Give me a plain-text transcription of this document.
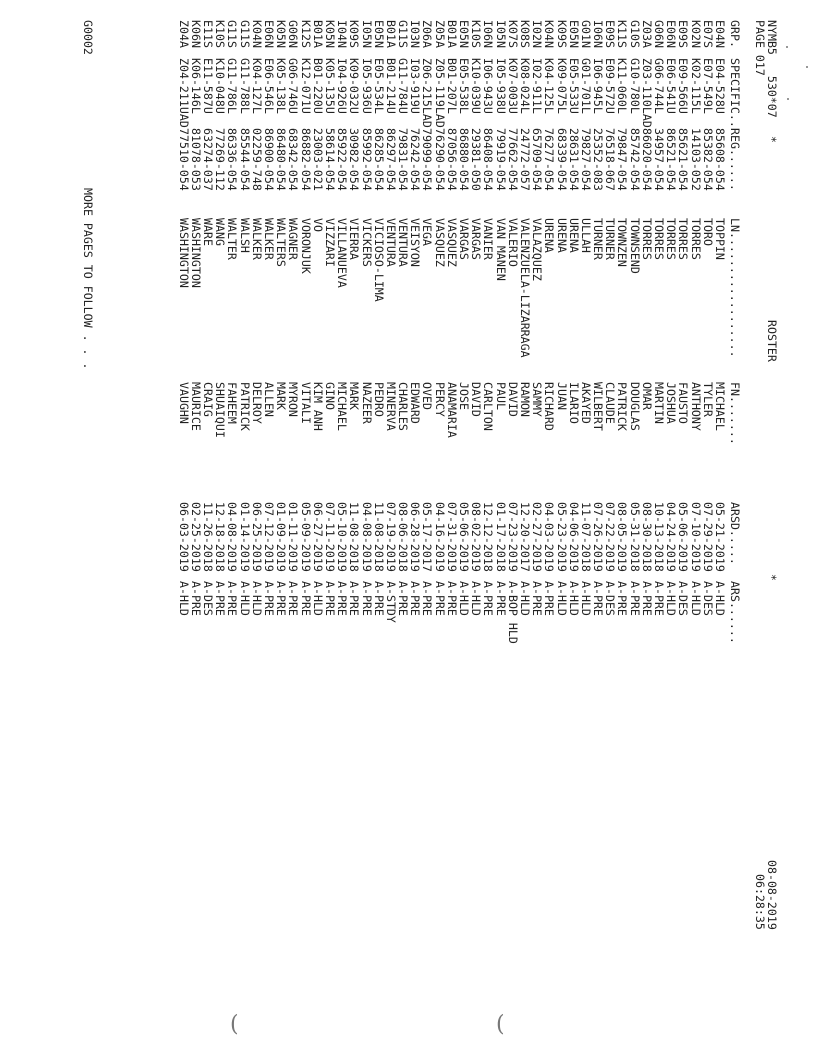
NYMB5   530*07
*
PAGE 017
ROSTER
*
08-08-2019
06:28:35
GRP.
SPECIFIC..
REG......
LN..................
FN.......
ARSD.....
ARS......
E04N
E04-528U
85608-054
TOPPIN
MICHAEL
05-21-2019
A-HLD
E07S
E07-549L
85382-054
TORO
TYLER
07-29-2019
A-DES
K02N
K02-115L
14103-052
TORRES
ANTHONY
07-10-2019
A-HLD
E09S
E09-566U
85621-054
TORRES
FAUSTO
05-06-2019
A-DES
E06N
E06-541U
86521-054
TORRES
JOSHUA
04-24-2019
A-HLD
G06N
G06-744L
34957-054
TORRES
MARTIN
10-13-2018
A-PRE
Z03A
Z03-110LAD
86020-054
TORRES
OMAR
08-30-2018
A-PRE
G10S
G10-780L
85742-054
TOWNSEND
DOUGLAS
05-31-2018
A-PRE
K11S
K11-060L
79847-054
TOWNZEN
PATRICK
08-05-2019
A-PRE
E09S
E09-572U
76518-067
TURNER
CLAUDE
07-22-2019
A-DES
I06N
I06-945L
25352-083
TURNER
WILBERT
07-26-2019
A-PRE
G01N
G01-701L
79827-054
ULLAH
AKAYED
11-07-2018
A-HLD
E05N
E05-533U
28631-054
URENA
ILARIO
04-06-2019
A-HLD
K09S
K09-075L
68339-054
URENA
JUAN
05-23-2019
A-HLD
K04N
K04-125L
76277-054
URENA
RICHARD
04-03-2019
A-PRE
I02N
I02-911L
65709-054
VALAZQUEZ
SAMMY
02-27-2019
A-PRE
K08S
K08-024L
24772-057
VALENZUELA-LIZARRAGA
RAMON
12-20-2017
A-HLD
K07S
K07-003U
77662-054
VALERIO
DAVID
07-23-2019
A-BOP HLD
I05N
I05-938U
79919-054
VAN MANEN
PAUL
01-17-2018
A-PRE
I06N
I06-943U
86408-054
VANIER
CARLTON
12-12-2018
A-PRE
K10S
K10-039U
29381-050
VARGAS
DAVID
08-02-2019
A-HLD
E05N
E05-538L
86880-054
VARGAS
JOSE
05-06-2019
A-HLD
B01A
B01-207L
87056-054
VASQUEZ
ANAMARIA
07-31-2019
A-PRE
Z05A
Z05-119LAD
76290-054
VASQUEZ
PERCY
04-16-2019
A-PRE
Z06A
Z06-215LAD
79099-054
VEGA
OVED
05-17-2017
A-PRE
I03N
I03-919U
76242-054
VEISYON
EDWARD
06-28-2019
A-PRE
G11S
G11-784U
79831-054
VENTURA
CHARLES
08-06-2018
A-PRE
B01A
B01-214U
86297-054
VENTURA
MINERVA
07-19-2019
A-STDY
E05N
E05-534L
86285-054
VICIOSO-LIMA
PEDRO
11-08-2018
A-PRE
I05N
I05-936U
85992-054
VICKERS
NAZEER
04-08-2019
A-PRE
K09S
K09-032U
30982-054
VIERRA
MARK
11-08-2018
A-PRE
I04N
I04-926U
85922-054
VILLANUEVA
MICHAEL
05-10-2019
A-PRE
K05N
K05-135U
58614-054
VIZZARI
GINO
07-11-2019
A-PRE
B01A
B01-220U
23003-021
VO
KIM ANH
06-27-2019
A-HLD
K12S
K12-071U
86882-054
VORONJUK
VITALI
05-09-2019
A-PRE
G06N
G06-746U
68342-054
WAGNER
MYRON
01-11-2019
A-PRE
K05N
K05-138L
86480-054
WALTERS
MARK
01-09-2019
A-PRE
E06N
E06-546L
86900-054
WALKER
ALLEN
07-12-2019
A-PRE
K04N
K04-127L
02259-748
WALKER
DELROY
06-25-2019
A-HLD
G11S
G11-788L
85544-054
WALSH
PATRICK
01-14-2019
A-HLD
G11S
G11-786L
86336-054
WALTER
FAHEEM
04-08-2019
A-PRE
K10S
K10-048U
77269-112
WANG
SHUAIQUI
12-18-2018
A-PRE
E11S
E11-587U
63274-037
WARE
CRAIG
11-26-2018
A-DES
K06N
K06-146L
81078-053
WASHINGTON
MAURICE
02-25-2019
A-PRE
Z04A
Z04-211UAD
77510-054
WASHINGTON
VAUGHN
06-03-2019
A-HLD
G0002
MORE PAGES TO FOLLOW . . .
(	(
